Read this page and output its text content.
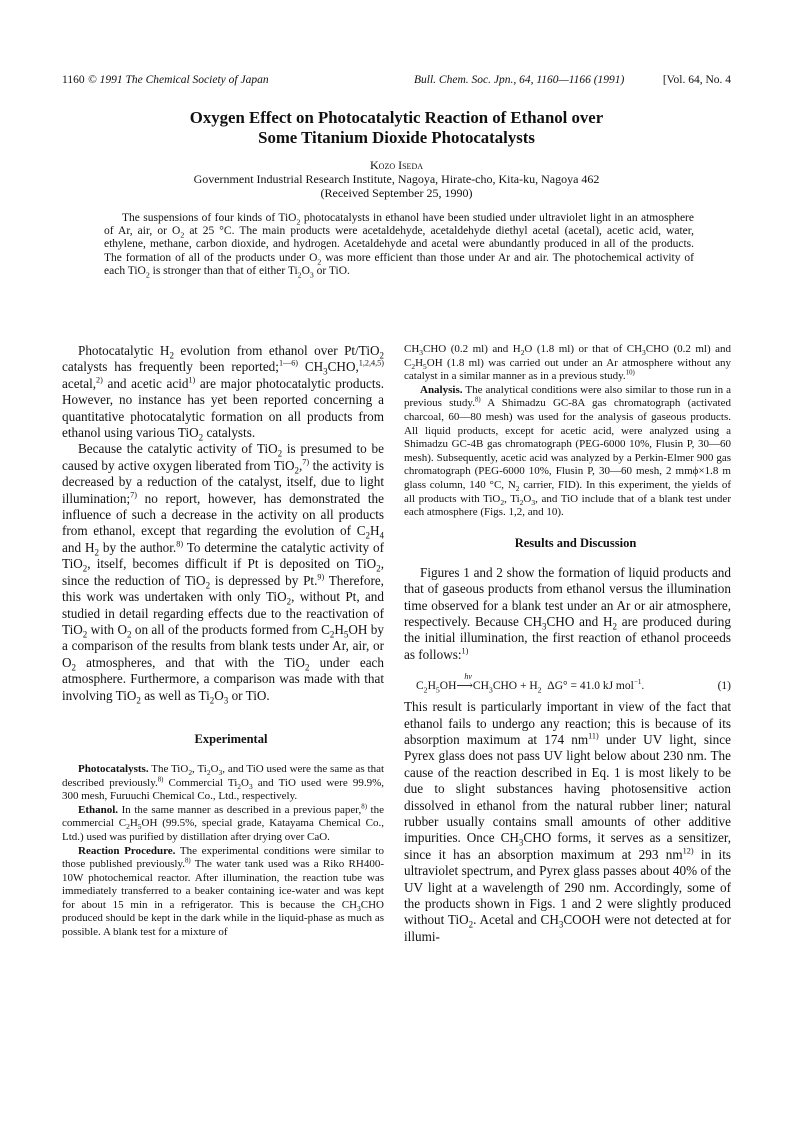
1160 © 1991 The Chemical Society of Japan	Bull. Chem. Soc. Jpn., 64, 1160—1166 (1991)	[Vol. 64, No. 4
Oxygen Effect on Photocatalytic Reaction of Ethanol over
Some Titanium Dioxide Photocatalysts
Kozo Iseda
Government Industrial Research Institute, Nagoya, Hirate-cho, Kita-ku, Nagoya 462
(Received September 25, 1990)
The suspensions of four kinds of TiO$_2$ photocatalysts in ethanol have been studied under ultraviolet light in an atmosphere of Ar, air, or $O_2$ at 25 °C. The main products were acetaldehyde, acetaldehyde diethyl acetal (acetal), acetic acid, water, ethylene, methane, carbon dioxide, and hydrogen. Acetaldehyde and acetal were abundantly produced in all of the products. The formation of all of the products under $O_2$ was more efficient than those under Ar and air. The photochemical activity of each TiO$_2$ is stronger than that of either $Ti_2O_3$ or TiO.

Photocatalytic $H_2$ evolution from ethanol over Pt/TiO$_2$ catalysts has frequently been reported;$^{1—6)}$ $CH_3CHO,^{1,2,4,5)}$ acetal,$^{2)}$ and acetic acid$^{1)}$ are major photocatalytic products. However, no instance has yet been reported concerning a quantitative photocatalytic formation on all products from ethanol using various TiO$_2$ catalysts.

Because the catalytic activity of TiO$_2$ is presumed to be caused by active oxygen liberated from TiO$_2$,$^{7)}$ the activity is decreased by a reduction of the catalyst, itself, due to light illumination;$^{7)}$ no report, however, has demonstrated the influence of such a decrease in the activity on all products from ethanol, except that regarding the evolution of $C_2H_4$ and $H_2$ by the author.$^{8)}$ To determine the catalytic activity of TiO$_2$, itself, becomes difficult if Pt is deposited on TiO$_2$, since the reduction of TiO$_2$ is depressed by Pt.$^{9)}$ Therefore, this work was undertaken with only TiO$_2$, without Pt, and studied in detail regarding effects due to the reactivation of TiO$_2$ with $O_2$ on all of the products formed from $C_2H_5OH$ by a comparison of the results from blank tests under Ar, air, or $O_2$ atmospheres, and that with the TiO$_2$ under each atmosphere. Furthermore, a comparison was made with that involving TiO$_2$ as well as $Ti_2O_3$ or TiO.

Experimental

Photocatalysts. The TiO$_2$, $Ti_2O_3$, and TiO used were the same as that described previously.$^{8)}$ Commercial $Ti_2O_3$ and TiO used were 99.9%, 300 mesh, Furuuchi Chemical Co., Ltd., respectively.

Ethanol. In the same manner as described in a previous paper,$^{8)}$ the commercial $C_2H_5OH$ (99.5%, special grade, Katayama Chemical Co., Ltd.) used was purified by distillation after drying over CaO.

Reaction Procedure. The experimental conditions were similar to those published previously.$^{8)}$ The water tank used was a Riko RH400-10W photochemical reactor. After illumination, the reaction tube was immediately transferred to a beaker containing ice-water and was kept for about 15 min in a refrigerator. This is because the $CH_3CHO$ produced should be kept in the dark while in the liquid-phase as much as possible. A blank test for a mixture of

$CH_3CHO$ (0.2 ml) and $H_2O$ (1.8 ml) or that of $CH_3CHO$ (0.2 ml) and $C_2H_5OH$ (1.8 ml) was carried out under an Ar atmosphere without any catalyst in a similar manner as in a previous study.$^{10)}$

Analysis. The analytical conditions were also similar to those run in a previous study.$^{8)}$ A Shimadzu GC-8A gas chromatograph (activated charcoal, 60—80 mesh) was used for the analysis of gaseous products. All liquid products, except for acetic acid, were analyzed using a Shimadzu GC-4B gas chromatograph (PEG-6000 10%, Flusin P, 30—60 mesh). Subsequently, acetic acid was analyzed by a Perkin-Elmer 900 gas chromatograph (PEG-6000 10%, Flusin P, 30—60 mesh, 2 mmϕ×1.8 m glass column, 140 °C, $N_2$ carrier, FID). In this experiment, the yields of all products with TiO$_2$, $Ti_2O_3$, and TiO include that of a blank test under each atmosphere (Figs. 1,2, and 10).

Results and Discussion

Figures 1 and 2 show the formation of liquid products and that of gaseous products from ethanol versus the illumination time observed for a blank test under an Ar or air atmosphere, respectively. Because $CH_3CHO$ and $H_2$ are produced during the initial illumination, the first reaction of ethanol proceeds as follows:$^{1)}$

$C_2H_5OH$
hν
$⟶CH_3CHO + H_2$ ΔG° = 41.0 kJ mol$^{-1}$.	(1)

This result is particularly important in view of the fact that ethanol fails to undergo any reaction; this is because of its absorption maximum at 174 $nm^{11)}$ under UV light, since Pyrex glass does not pass UV light below about 230 nm. The cause of the reaction described in Eq. 1 is most likely to be due to slight substances having photosensitive action dissolved in ethanol from the natural rubber liner; natural rubber usually contains small amounts of other additive impurities. Once $CH_3CHO$ forms, it serves as a sensitizer, since it has an absorption maximum at 293 $nm^{12)}$ in its ultraviolet spectrum, and Pyrex glass passes about 40% of the UV light at a wavelength of 290 nm. Accordingly, some of the products shown in Figs. 1 and 2 were slightly produced without TiO$_2$. Acetal and $CH_3COOH$ were not detected at for illumi-
